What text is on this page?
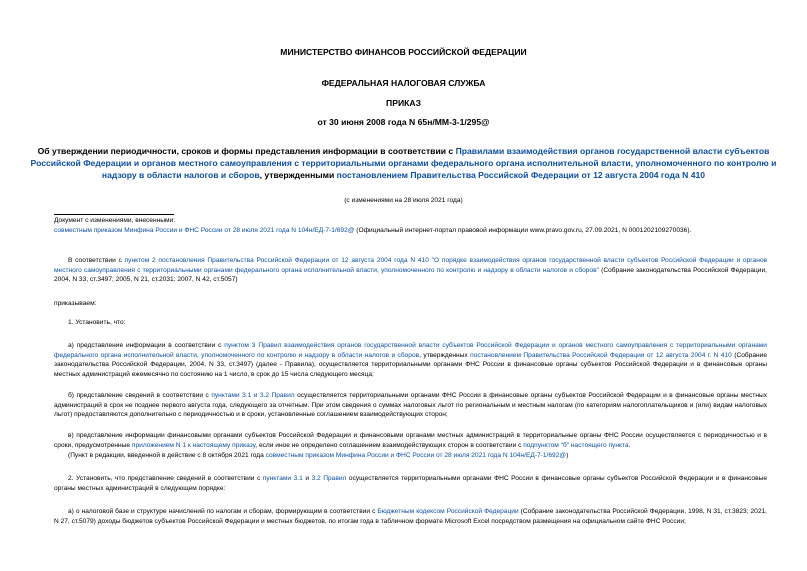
МИНИСТЕРСТВО ФИНАНСОВ РОССИЙСКОЙ ФЕДЕРАЦИИ
ФЕДЕРАЛЬНАЯ НАЛОГОВАЯ СЛУЖБА
ПРИКАЗ
от 30 июня 2008 года N 65н/ММ-3-1/295@
Об утверждении периодичности, сроков и формы представления информации в соответствии с Правилами взаимодействия органов государственной власти субъектов Российской Федерации и органов местного самоуправления с территориальными органами федерального органа исполнительной власти, уполномоченного по контролю и надзору в области налогов и сборов, утвержденными постановлением Правительства Российской Федерации от 12 августа 2004 года N 410
(с изменениями на 28 июля 2021 года)
Документ с изменениями, внесенными:
совместным приказом Минфина России и ФНС России от 28 июля 2021 года N 104н/ЕД-7-1/692@ (Официальный интернет-портал правовой информации www.pravo.gov.ru, 27.09.2021, N 0001202109270036).
В соответствии с пунктом 2 постановления Правительства Российской Федерации от 12 августа 2004 года N 410 "О порядке взаимодействия органов государственной власти субъектов Российской Федерации и органов местного самоуправления с территориальными органами федерального органа исполнительной власти, уполномоченного по контролю и надзору в области налогов и сборов" (Собрание законодательства Российской Федерации, 2004, N 33, ст.3497; 2005, N 21, ст.2031; 2007, N 42, ст.5057)
приказываем:
1. Установить, что:
а) представление информации в соответствии с пунктом 3 Правил взаимодействия органов государственной власти субъектов Российской Федерации и органов местного самоуправления с территориальными органами федерального органа исполнительной власти, уполномоченного по контролю и надзору в области налогов и сборов, утвержденных постановлением Правительства Российской Федерации от 12 августа 2004 г. N 410 (Собрание законодательства Российской Федерации, 2004, N 33, ст.3497) (далее - Правила), осуществляется территориальными органами ФНС России в финансовые органы субъектов Российской Федерации и в финансовые органы местных администраций ежемесячно по состоянию на 1 число, в срок до 15 числа следующего месяца;
б) представление сведений в соответствии с пунктами 3.1 и 3.2 Правил осуществляется территориальными органами ФНС России в финансовые органы субъектов Российской Федерации и в финансовые органы местных администраций в срок не позднее первого августа года, следующего за отчетным. При этом сведения о суммах налоговых льгот по региональным и местным налогам (по категориям налогоплательщиков и (или) видам налоговых льгот) предоставляются дополнительно с периодичностью и в сроки, установленные соглашением взаимодействующих сторон;
в) представление информации финансовыми органами субъектов Российской Федерации и финансовыми органами местных администраций в территориальные органы ФНС России осуществляется с периодичностью и в сроки, предусмотренные приложением N 1 к настоящему приказу, если иное не определено соглашением взаимодействующих сторон в соответствии с подпунктом "б" настоящего пункта.
(Пункт в редакции, введенной в действие с 8 октября 2021 года совместным приказом Минфина России и ФНС России от 28 июля 2021 года N 104н/ЕД-7-1/692@)
2. Установить, что представление сведений в соответствии с пунктами 3.1 и 3.2 Правил осуществляется территориальными органами ФНС России в финансовые органы субъектов Российской Федерации и в финансовые органы местных администраций в следующем порядке:
а) о налоговой базе и структуре начислений по налогам и сборам, формирующим в соответствии с Бюджетным кодексом Российской Федерации (Собрание законодательства Российской Федерации, 1998, N 31, ст.3823; 2021, N 27, ст.5079) доходы бюджетов субъектов Российской Федерации и местных бюджетов, по итогам года в табличном формате Microsoft Excel посредством размещения на официальном сайте ФНС России;
